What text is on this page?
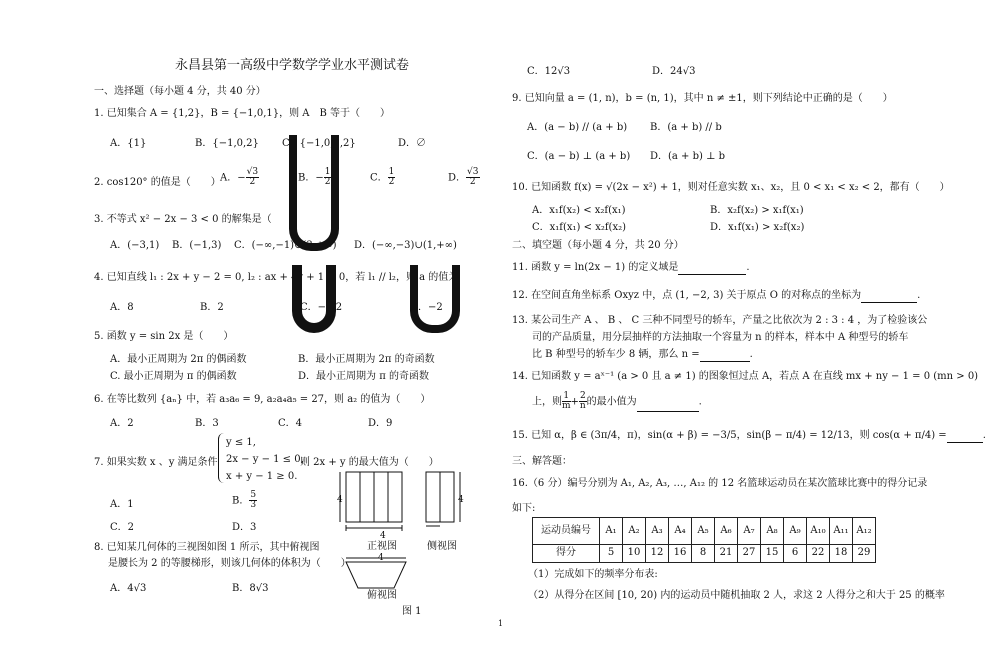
永昌县第一高级中学数学学业水平测试卷
一、选择题（每小题 4 分，共 40 分）
1. 已知集合 A = {1,2}，B = {−1,0,1}，则 A　B 等于（　　）
A．{1}	B．{−1,0,2} C．{−1,0,1,2}	D．∅
2. cos120° 的值是（　　） A．− $\frac{√3}{2}$	B．− $\frac{1}{2}$	C． $\frac{1}{2}$	D． $\frac{√3}{2}$
3. 不等式 x² − 2x − 3 < 0 的解集是（　　）
A．(−3,1) B．(−1,3) C．(−∞,−1)∪(3,+∞) D．(−∞,−3)∪(1,+∞)
4. 已知直线 l₁ : 2x + y − 2 = 0, l₂ : ax + 4y + 1 = 0，若 l₁ // l₂，则 a 的值为
A．8	B．2	C．−1/2	D．−2
5. 函数 y = sin 2x 是（　　）
A．最小正周期为 2π 的偶函数	B．最小正周期为 2π 的奇函数
C. 最小正周期为 π 的偶函数	D．最小正周期为 π 的奇函数
6. 在等比数列 {aₙ} 中，若 a₃a₆ = 9, a₂a₄a₅ = 27，则 a₂ 的值为（　　）
A．2	B．3	C．4	D．9
7. 如果实数 x 、y 满足条件
y ≤ 1,
2x − y − 1 ≤ 0,
x + y − 1 ≥ 0.
则 2x + y 的最大值为（　　）
A．1	B． $\frac{5}{3}$
C．2	D．3
8. 已知某几何体的三视图如图 1 所示，其中俯视图
是腰长为 2 的等腰梯形，则该几何体的体积为（　　）
A．4√3	B．8√3
4
4
4
4
正视图	侧视图
俯视图
图 1
C．12√3	D．24√3
9. 已知向量 a = (1, n)，b = (n, 1)，其中 n ≠ ±1，则下列结论中正确的是（　　）
A．(a − b) // (a + b) B．(a + b) // b
C．(a − b) ⊥ (a + b) D．(a + b) ⊥ b
10. 已知函数 f(x) = √(2x − x²) + 1，则对任意实数 x₁、x₂，且 0 < x₁ < x₂ < 2，都有（　　）
A．x₁f(x₂) < x₂f(x₁)	B．x₂f(x₂) > x₁f(x₁)
C．x₁f(x₁) < x₂f(x₂)	D．x₁f(x₁) > x₂f(x₂)
二、填空题（每小题 4 分，共 20 分）
11. 函数 y = ln(2x − 1) 的定义域是	.
12. 在空间直角坐标系 Oxyz 中，点 (1, −2, 3) 关于原点 O 的对称点的坐标为	.
13. 某公司生产 A 、 B 、 C 三种不同型号的轿车，产量之比依次为 2 : 3 : 4 ，为了检验该公
司的产品质量，用分层抽样的方法抽取一个容量为 n 的样本，样本中 A 种型号的轿车
比 B 种型号的轿车少 8 辆，那么 n =	.
14. 已知函数 y = aˣ⁻¹ (a > 0 且 a ≠ 1) 的图象恒过点 A，若点 A 在直线 mx + ny − 1 = 0 (mn > 0)
上，则 $\frac{1}{m} + \frac{2}{n}$ 的最小值为	.
15. 已知 α，β ∈ (3π/4，π)，sin(α + β) = −3/5，sin(β − π/4) = 12/13，则 cos(α + π/4) =	.
三、解答题：
16.（6 分）编号分别为 A₁, A₂, A₃, …, A₁₂ 的 12 名篮球运动员在某次篮球比赛中的得分记录
如下:
运动员编号	A₁	A₂	A₃	A₄	A₅	A₆	A₇	A₈	A₉	A₁₀	A₁₁	A₁₂
得分	5	10	12	16	8	21	27	15	6	22	18	29
（1）完成如下的频率分布表:
（2）从得分在区间 [10, 20) 内的运动员中随机抽取 2 人，求这 2 人得分之和大于 25 的概率
1
